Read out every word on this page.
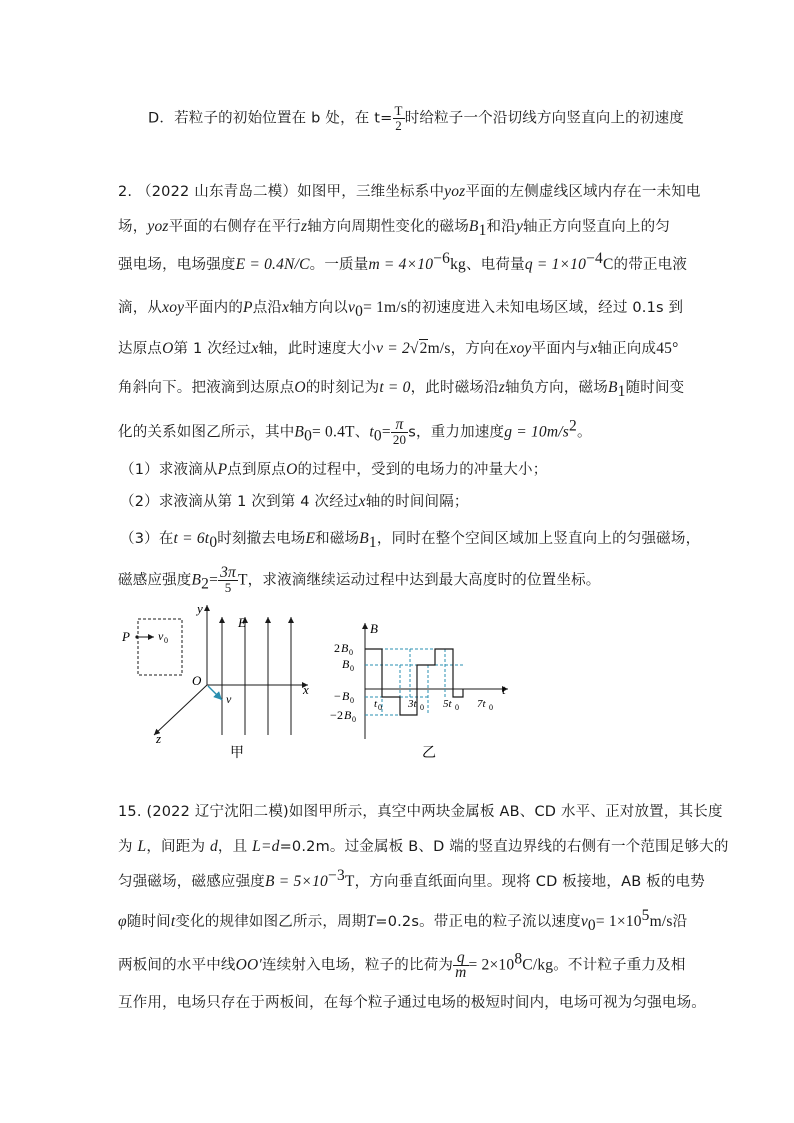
D．若粒子的初始位置在 b 处，在 $t= \frac{T}{2}$ 时给粒子一个沿切线方向竖直向上的初速度
2. （2022 山东青岛二模）如图甲，三维坐标系中yoz平面的左侧虚线区域内存在一未知电
场，yoz平面的右侧存在平行z轴方向周期性变化的磁场$B_1$和沿y轴正方向竖直向上的匀
强电场，电场强度E = 0.4N/C。一质量$m = 4\times 10^{-6}kg$、电荷量$q = 1\times 10^{-4}C$的带正电液
滴，从xoy平面内的P点沿x轴方向以$v_0= 1m/s$的初速度进入未知电场区域，经过 0.1s 到
达原点O第 1 次经过x轴，此时速度大小v = 2√2m/s，方向在xoy平面内与x轴正向成45°
角斜向下。把液滴到达原点O的时刻记为t = 0，此时磁场沿z轴负方向，磁场$B_1$随时间变
化的关系如图乙所示，其中$B_0= 0.4T$、$t_0= \frac{\pi}{20}$ s，重力加速度$g = 10m/s^2$。
（1）求液滴从P点到原点O的过程中，受到的电场力的冲量大小；
（2）求液滴从第 1 次到第 4 次经过x轴的时间间隔；
（3）在$t = 6t_0$时刻撤去电场E和磁场$B_1$，同时在整个空间区域加上竖直向上的匀强磁场，
磁感应强度$B_2= \frac{3\pi}{5}$ T，求液滴继续运动过程中达到最大高度时的位置坐标。
P v 0
y
x
z
O
E
v
甲
t
B
2 B 0
B 0
− B 0
− 2 B 0
t 0 3t 0 5t 0 7t 0
乙
15. (2022 辽宁沈阳二模)如图甲所示，真空中两块金属板 AB、CD 水平、正对放置，其长度
为 L，间距为 d，且 L=d=0.2m。过金属板 B、D 端的竖直边界线的右侧有一个范围足够大的
匀强磁场，磁感应强度$B = 5\times 10^{-3}T$，方向垂直纸面向里。现将 CD 板接地，AB 板的电势
φ随时间t变化的规律如图乙所示，周期T=0.2s。带正电的粒子流以速度$v_0= 1\times 10^5m/s$沿
两板间的水平中线OO′连续射入电场，粒子的比荷为 $\frac{q}{m} = 2\times 10^8C/kg$。不计粒子重力及相
互作用，电场只存在于两板间，在每个粒子通过电场的极短时间内，电场可视为匀强电场。
